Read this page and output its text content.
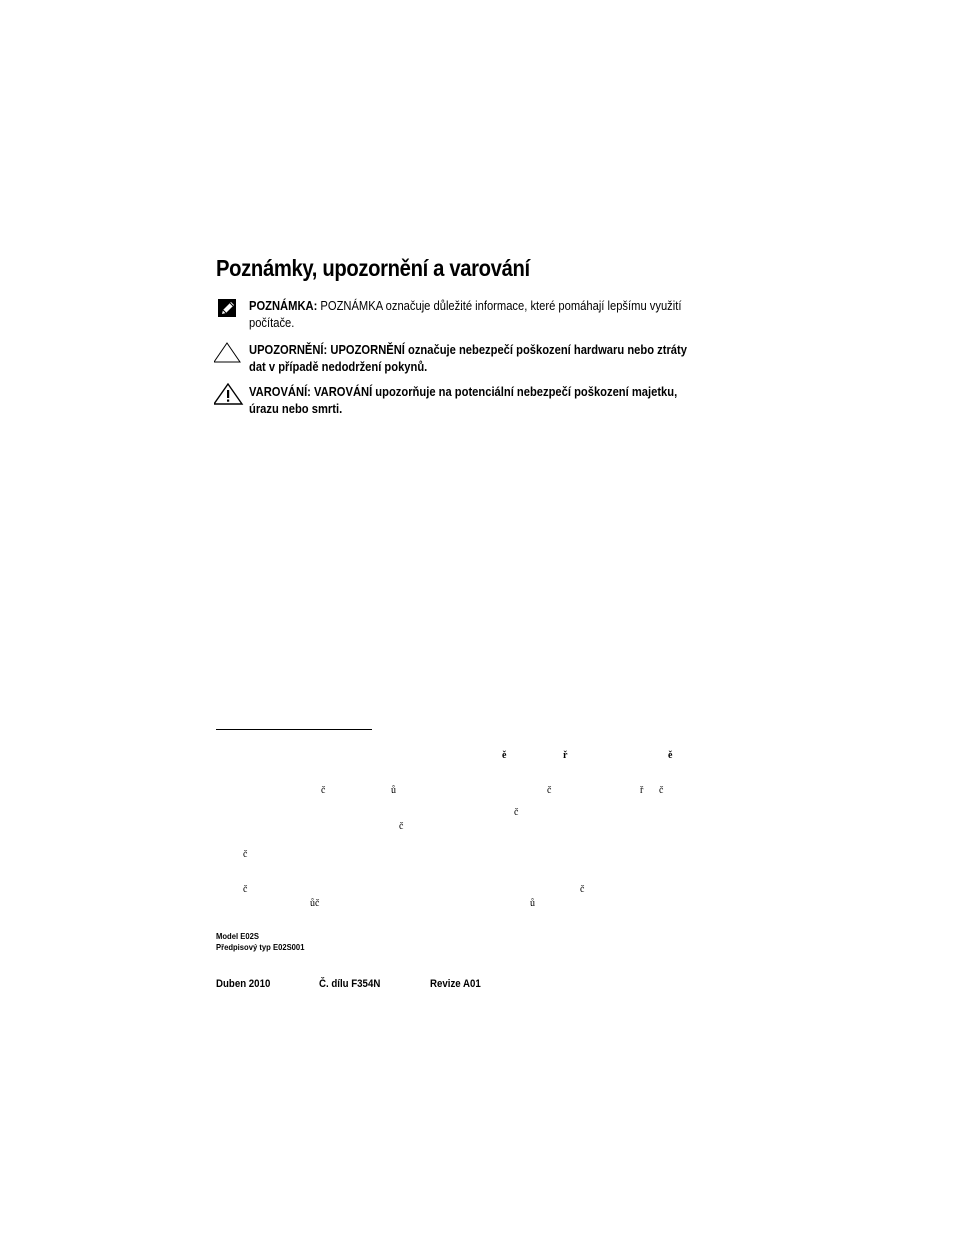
Poznámky, upozornění a varování
POZNÁMKA: POZNÁMKA označuje důležité informace, které pomáhají lepšímu využití počítače.
UPOZORNĚNÍ: UPOZORNĚNÍ označuje nebezpečí poškození hardwaru nebo ztráty dat v případě nedodržení pokynů.
VAROVÁNÍ: VAROVÁNÍ upozorňuje na potenciální nebezpečí poškození majetku, úrazu nebo smrti.
ě	ř	ě
č	ů	č	ř č
č
č
č
č	č
ůč	ů
Model E02S
Předpisový typ E02S001
Duben 2010	Č. dílu F354N	Revize A01
